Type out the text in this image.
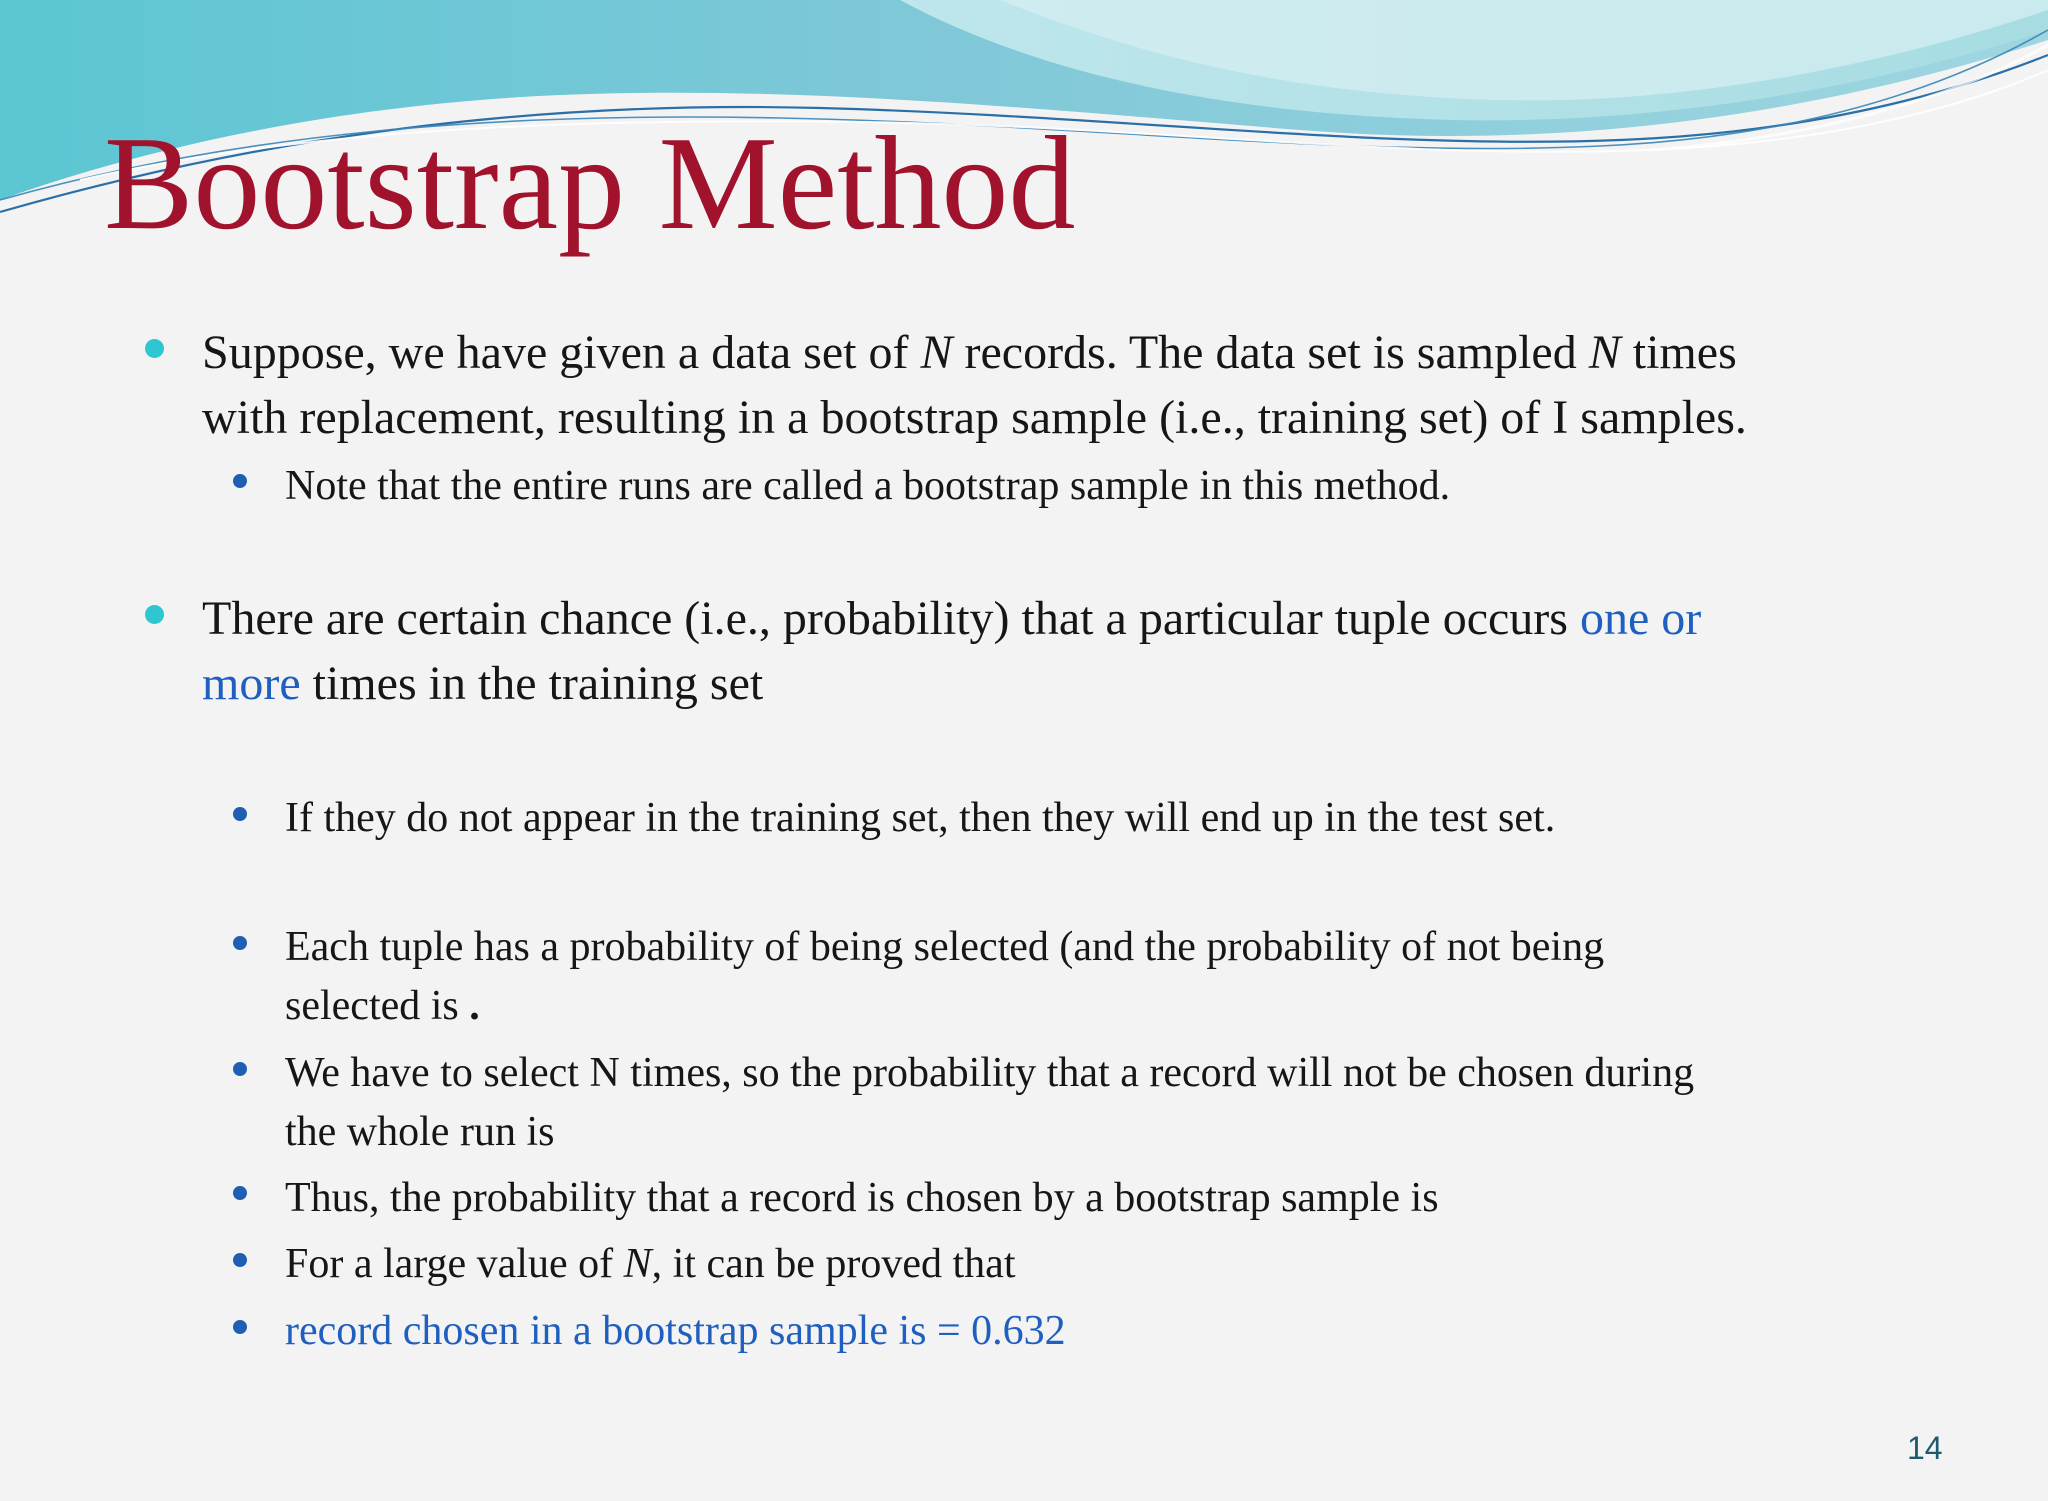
Bootstrap Method
Suppose, we have given a data set of N records. The data set is sampled N times
with replacement, resulting in a bootstrap sample (i.e., training set) of I samples.
Note that the entire runs are called a bootstrap sample in this method.
There are certain chance (i.e., probability) that a particular tuple occurs one or
more times in the training set
If they do not appear in the training set, then they will end up in the test set.
Each tuple has a probability of being selected (and the probability of not being
selected is .
We have to select N times, so the probability that a record will not be chosen during
the whole run is
Thus, the probability that a record is chosen by a bootstrap sample is
For a large value of N, it can be proved that
record chosen in a bootstrap sample is = 0.632
14
